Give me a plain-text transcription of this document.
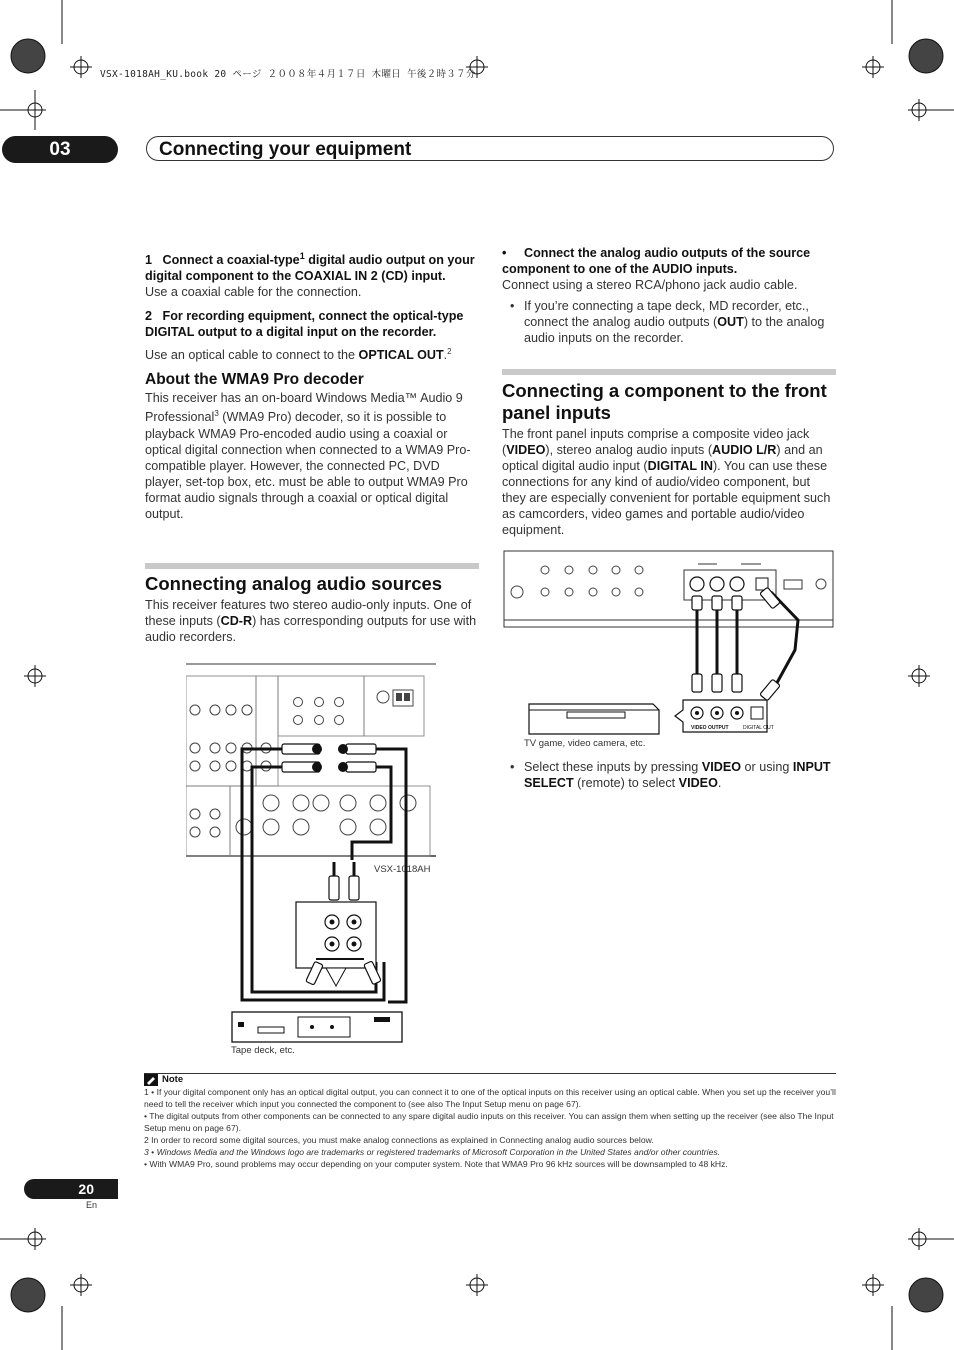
VSX-1018AH_KU.book 20 ページ ２００８年４月１７日 木曜日 午後２時３７分
03	Connecting your equipment
1 Connect a coaxial-type$^1$ digital audio output on your digital component to the COAXIAL IN 2 (CD) input.

Use a coaxial cable for the connection.

2 For recording equipment, connect the optical-type DIGITAL output to a digital input on the recorder.

Use an optical cable to connect to the OPTICAL OUT.$^2$

About the WMA9 Pro decoder

This receiver has an on-board Windows Media™ Audio 9 Professional$^3$ (WMA9 Pro) decoder, so it is possible to playback WMA9 Pro-encoded audio using a coaxial or optical digital connection when connected to a WMA9 Pro-compatible player. However, the connected PC, DVD player, set-top box, etc. must be able to output WMA9 Pro format audio signals through a coaxial or optical digital output.

Connecting analog audio sources

This receiver features two stereo audio-only inputs. One of these inputs (CD-R) has corresponding outputs for use with audio recorders.

VSX-1018AH
Tape deck, etc.
•	Connect the analog audio outputs of the source component to one of the AUDIO inputs.

Connect using a stereo RCA/phono jack audio cable.

• If you’re connecting a tape deck, MD recorder, etc., connect the analog audio outputs (OUT) to the analog audio inputs on the recorder.

Connecting a component to the front panel inputs

The front panel inputs comprise a composite video jack (VIDEO), stereo analog audio inputs (AUDIO L/R) and an optical digital audio input (DIGITAL IN). You can use these connections for any kind of audio/video component, but they are especially convenient for portable equipment such as camcorders, video games and portable audio/video equipment.

VIDEO OUTPUT	DIGITAL OUT
TV game, video camera, etc.
• Select these inputs by pressing VIDEO or using INPUT SELECT (remote) to select VIDEO.
Note

1 • If your digital component only has an optical digital output, you can connect it to one of the optical inputs on this receiver using an optical cable. When you set up the receiver you’ll need to tell the receiver which input you connected the component to (see also The Input Setup menu on page 67).

• The digital outputs from other components can be connected to any spare digital audio inputs on this receiver. You can assign them when setting up the receiver (see also The Input Setup menu on page 67).

2 In order to record some digital sources, you must make analog connections as explained in Connecting analog audio sources below.

3 • Windows Media and the Windows logo are trademarks or registered trademarks of Microsoft Corporation in the United States and/or other countries.

• With WMA9 Pro, sound problems may occur depending on your computer system. Note that WMA9 Pro 96 kHz sources will be downsampled to 48 kHz.

20
En
